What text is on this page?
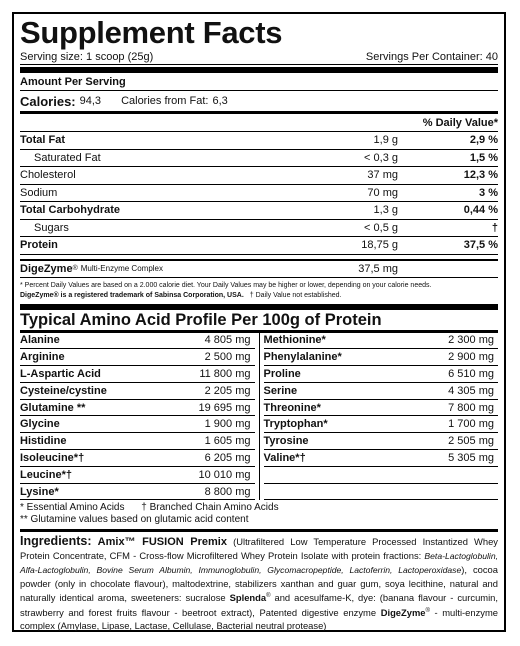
Supplement Facts
Serving size: 1 scoop (25g)	Servings Per Container: 40
Amount Per Serving
Calories: 94,3 Calories from Fat: 6,3
% Daily Value*
Total Fat	1,9 g	2,9 %
Saturated Fat	< 0,3 g	1,5 %
Cholesterol	37 mg	12,3 %
Sodium	70 mg	3 %
Total Carbohydrate	1,3 g	0,44 %
Sugars	< 0,5 g	†
Protein	18,75 g	37,5 %
DigeZyme ® Multi-Enzyme Complex	37,5 mg
* Percent Daily Values are based on a 2.000 calorie diet. Your Daily Values may be higher or lower, depending on your calorie needs.
DigeZyme® is a registered trademark of Sabinsa Corporation, USA. † Daily Value not established.
Typical Amino Acid Profile Per 100g of Protein
Alanine	4 805 mg
Arginine	2 500 mg
L-Aspartic Acid	11 800 mg
Cysteine/cystine	2 205 mg
Glutamine **	19 695 mg
Glycine	1 900 mg
Histidine	1 605 mg
Isoleucine*†	6 205 mg
Leucine*†	10 010 mg
Lysine*	8 800 mg
Methionine*	2 300 mg
Phenylalanine*	2 900 mg
Proline	6 510 mg
Serine	4 305 mg
Threonine*	7 800 mg
Tryptophan*	1 700 mg
Tyrosine	2 505 mg
Valine*†	5 305 mg
* Essential Amino Acids † Branched Chain Amino Acids
** Glutamine values based on glutamic acid content
Ingredients: Amix™ FUSION Premix (Ultrafiltered Low Temperature Processed Instantized Whey Protein Concentrate, CFM - Cross-flow Microfiltered Whey Protein Isolate with protein fractions: Beta-Lactoglobulin, Alfa-Lactoglobulin, Bovine Serum Albumin, Immunoglobulin, Glycomacropeptide, Lactoferrin, Lactoperoxidase), cocoa powder (only in chocolate flavour), maltodextrine, stabilizers xanthan and guar gum, soya lecithine, natural and naturally identical aroma, sweeteners: sucralose Splenda® and acesulfame-K, dye: (banana flavour - curcumin, strawberry and forest fruits flavour - beetroot extract), Patented digestive enzyme DigeZyme® - multi-enzyme complex (Amylase, Lipase, Lactase, Cellulase, Bacterial neutral protease)
